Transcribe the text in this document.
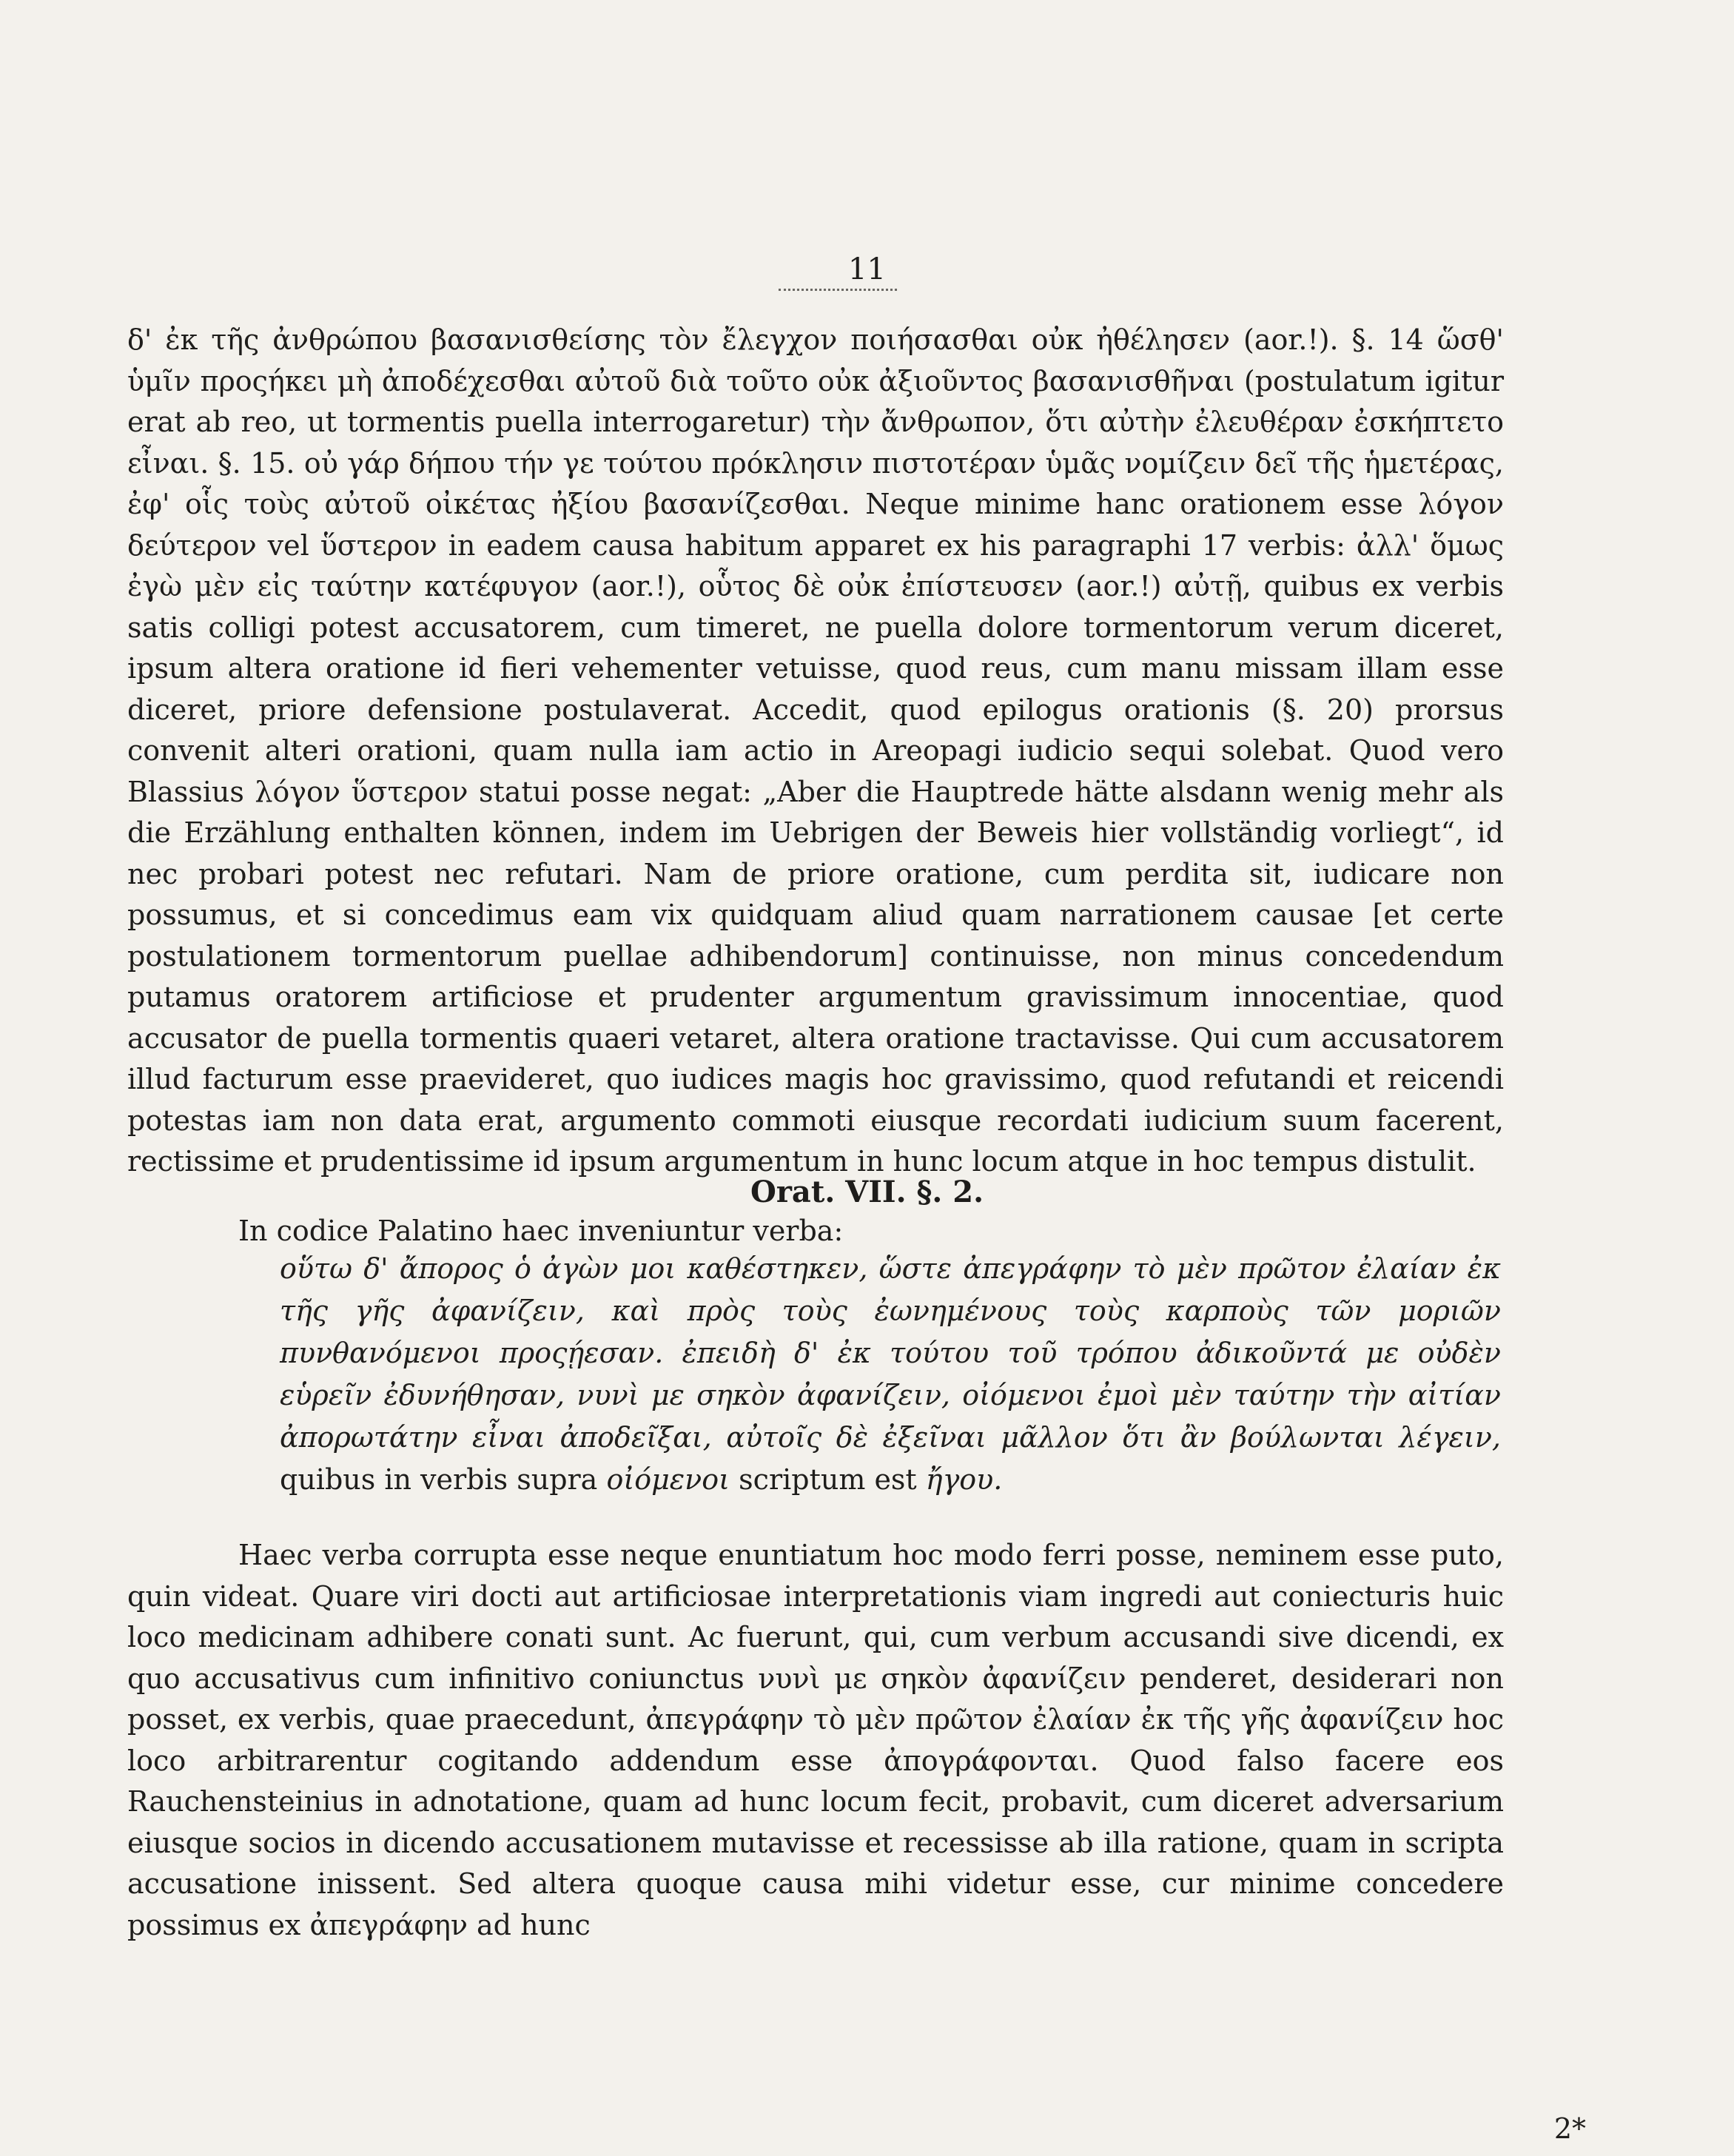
11

δ' ἐκ τῆς ἀνθρώπου βασανισθείσης τὸν ἔλεγχον ποιήσασθαι οὐκ ἠθέλησεν (aor.!). §. 14 ὥσθ' ὑμῖν προςήκει μὴ ἀποδέχεσθαι αὐτοῦ διὰ τοῦτο οὐκ ἀξιοῦντος βασανισθῆναι (postulatum igitur erat ab reo, ut tormentis puella interrogaretur) τὴν ἄνθρωπον, ὅτι αὐτὴν ἐλευθέραν ἐσκήπτετο εἶναι. §. 15. οὐ γάρ δήπου τήν γε τούτου πρόκλησιν πιστοτέραν ὑμᾶς νομίζειν δεῖ τῆς ἡμετέρας, ἐφ' οἷς τοὺς αὐτοῦ οἰκέτας ἠξίου βασανίζεσθαι. Neque minime hanc orationem esse λόγον δεύτερον vel ὕστερον in eadem causa habitum apparet ex his paragraphi 17 verbis: ἀλλ' ὅμως ἐγὼ μὲν εἰς ταύτην κατέφυγον (aor.!), οὗτος δὲ οὐκ ἐπίστευσεν (aor.!) αὐτῇ, quibus ex verbis satis colligi potest accusatorem, cum timeret, ne puella dolore tormentorum verum diceret, ipsum altera oratione id fieri vehementer vetuisse, quod reus, cum manu missam illam esse diceret, priore defensione postulaverat. Accedit, quod epilogus orationis (§. 20) prorsus convenit alteri orationi, quam nulla iam actio in Areopagi iudicio sequi solebat. Quod vero Blassius λόγον ὕστερον statui posse negat: „Aber die Hauptrede hätte alsdann wenig mehr als die Erzählung enthalten können, indem im Uebrigen der Beweis hier vollständig vorliegt“, id nec probari potest nec refutari. Nam de priore oratione, cum perdita sit, iudicare non possumus, et si concedimus eam vix quidquam aliud quam narrationem causae [et certe postulationem tormentorum puellae adhibendorum] continuisse, non minus concedendum putamus oratorem artificiose et prudenter argumentum gravissimum innocentiae, quod accusator de puella tormentis quaeri vetaret, altera oratione tractavisse. Qui cum accusatorem illud facturum esse praevideret, quo iudices magis hoc gravissimo, quod refutandi et reicendi potestas iam non data erat, argumento commoti eiusque recordati iudicium suum facerent, rectissime et prudentissime id ipsum argumentum in hunc locum atque in hoc tempus distulit.

Orat. VII. §. 2.

In codice Palatino haec inveniuntur verba:

οὕτω δ' ἄπορος ὁ ἀγὼν μοι καθέστηκεν, ὥστε ἀπεγράφην τὸ μὲν πρῶτον ἐλαίαν ἐκ τῆς γῆς ἀφανίζειν, καὶ πρὸς τοὺς ἐωνημένους τοὺς καρποὺς τῶν μοριῶν πυνθανόμενοι προςῄεσαν. ἐπειδὴ δ' ἐκ τούτου τοῦ τρόπου ἀδικοῦντά με οὐδὲν εὑρεῖν ἐδυνήθησαν, νυνὶ με σηκὸν ἀφανίζειν, οἰόμενοι ἐμοὶ μὲν ταύτην τὴν αἰτίαν ἀπορωτάτην εἶναι ἀποδεῖξαι, αὐτοῖς δὲ ἐξεῖναι μᾶλλον ὅτι ἂν βούλωνται λέγειν, quibus in verbis supra οἰόμενοι scriptum est ἤγου.

Haec verba corrupta esse neque enuntiatum hoc modo ferri posse, neminem esse puto, quin videat. Quare viri docti aut artificiosae interpretationis viam ingredi aut coniecturis huic loco medicinam adhibere conati sunt. Ac fuerunt, qui, cum verbum accusandi sive dicendi, ex quo accusativus cum infinitivo coniunctus νυνὶ με σηκὸν ἀφανίζειν penderet, desiderari non posset, ex verbis, quae praecedunt, ἀπεγράφην τὸ μὲν πρῶτον ἐλαίαν ἐκ τῆς γῆς ἀφανίζειν hoc loco arbitrarentur cogitando addendum esse ἀπογράφονται. Quod falso facere eos Rauchensteinius in adnotatione, quam ad hunc locum fecit, probavit, cum diceret adversarium eiusque socios in dicendo accusationem mutavisse et recessisse ab illa ratione, quam in scripta accusatione inissent. Sed altera quoque causa mihi videtur esse, cur minime concedere possimus ex ἀπεγράφην ad hunc

2*
